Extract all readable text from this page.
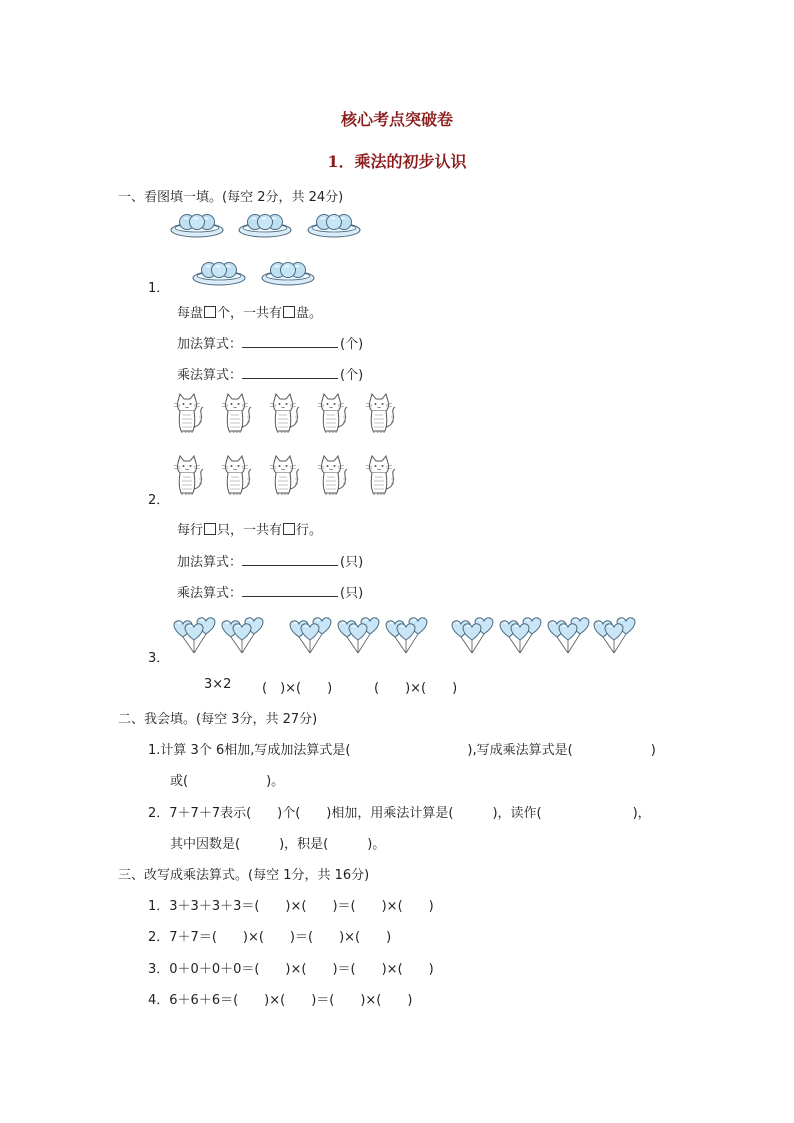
核心考点突破卷
1．乘法的初步认识
一、看图填一填。(每空 2分，共 24分)
1．
每盘 个，一共有 盘。
加法算式：	(个)
乘法算式：	(个)
2．
每行 只，一共有 行。
加法算式：	(只)
乘法算式：	(只)
3．
3×2 (　)×(　　)	(　　)×(　　)
二、我会填。(每空 3分，共 27分)
1.计算 3个 6相加,写成加法算式是(　　　　　　　　　),写成乘法算式是(　　　　　　)
或(　　　　　　)。
2．7＋7＋7表示(　　)个(　　)相加，用乘法计算是(　　　)，读作(　　　　　　　)，
其中因数是(　　　)，积是(　　　)。
三、改写成乘法算式。(每空 1分，共 16分)
1．3＋3＋3＋3＝(　　)×(　　)＝(　　)×(　　)
2．7＋7＝(　　)×(　　)＝(　　)×(　　)
3．0＋0＋0＋0＝(　　)×(　　)＝(　　)×(　　)
4．6＋6＋6＝(　　)×(　　)＝(　　)×(　　)
